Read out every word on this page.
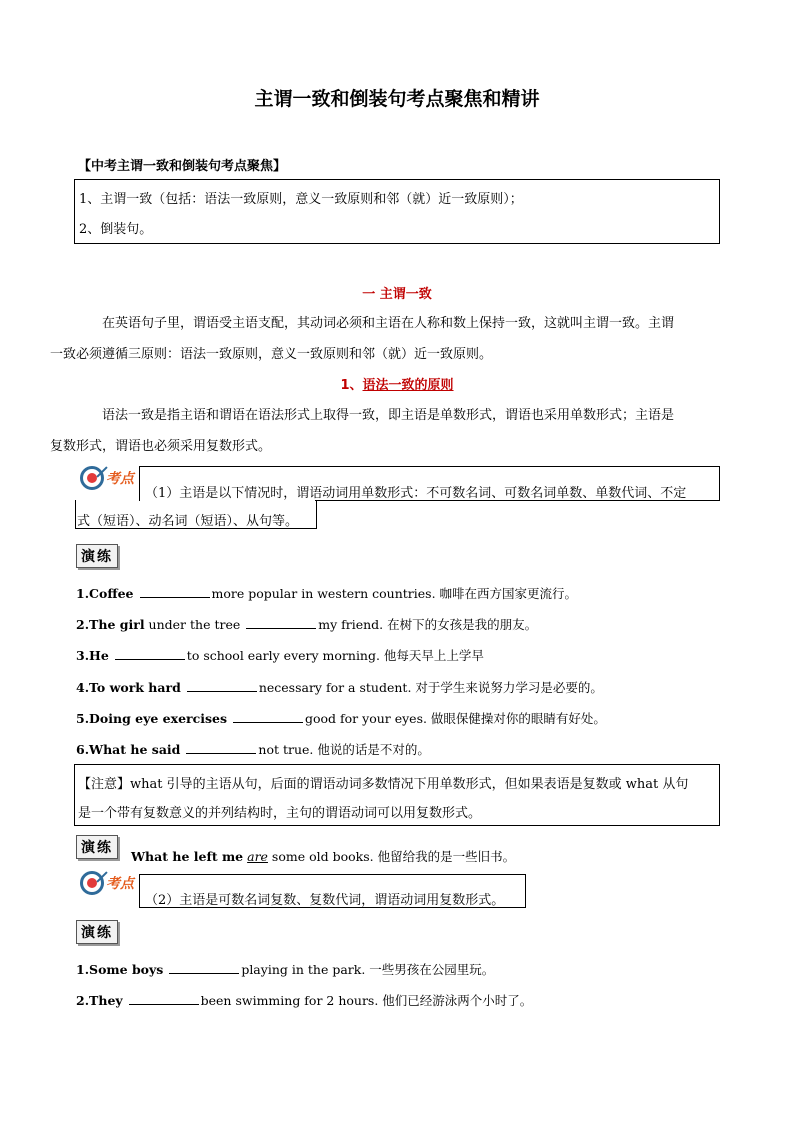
主谓一致和倒装句考点聚焦和精讲
【中考主谓一致和倒装句考点聚焦】
1、主谓一致（包括：语法一致原则，意义一致原则和邻（就）近一致原则）；
2、倒装句。
一 主谓一致
在英语句子里，谓语受主语支配，其动词必须和主语在人称和数上保持一致，这就叫主谓一致。主谓
一致必须遵循三原则：语法一致原则，意义一致原则和邻（就）近一致原则。
1、语法一致的原则
语法一致是指主语和谓语在语法形式上取得一致，即主语是单数形式，谓语也采用单数形式；主语是
复数形式，谓语也必须采用复数形式。
考点
（1）主语是以下情况时，谓语动词用单数形式：不可数名词、可数名词单数、单数代词、不定
式（短语）、动名词（短语）、从句等。
演练
1.Coffee	more popular in western countries. 咖啡在西方国家更流行。
2.The girl under the tree	my friend. 在树下的女孩是我的朋友。
3.He	to school early every morning. 他每天早上上学早
4.To work hard	necessary for a student. 对于学生来说努力学习是必要的。
5.Doing eye exercises	good for your eyes. 做眼保健操对你的眼睛有好处。
6.What he said	not true. 他说的话是不对的。
【注意】what 引导的主语从句，后面的谓语动词多数情况下用单数形式，但如果表语是复数或 what 从句
是一个带有复数意义的并列结构时，主句的谓语动词可以用复数形式。
演练
What he left me are some old books. 他留给我的是一些旧书。
考点
（2）主语是可数名词复数、复数代词，谓语动词用复数形式。
演练
1.Some boys	playing in the park. 一些男孩在公园里玩。
2.They	been swimming for 2 hours. 他们已经游泳两个小时了。
